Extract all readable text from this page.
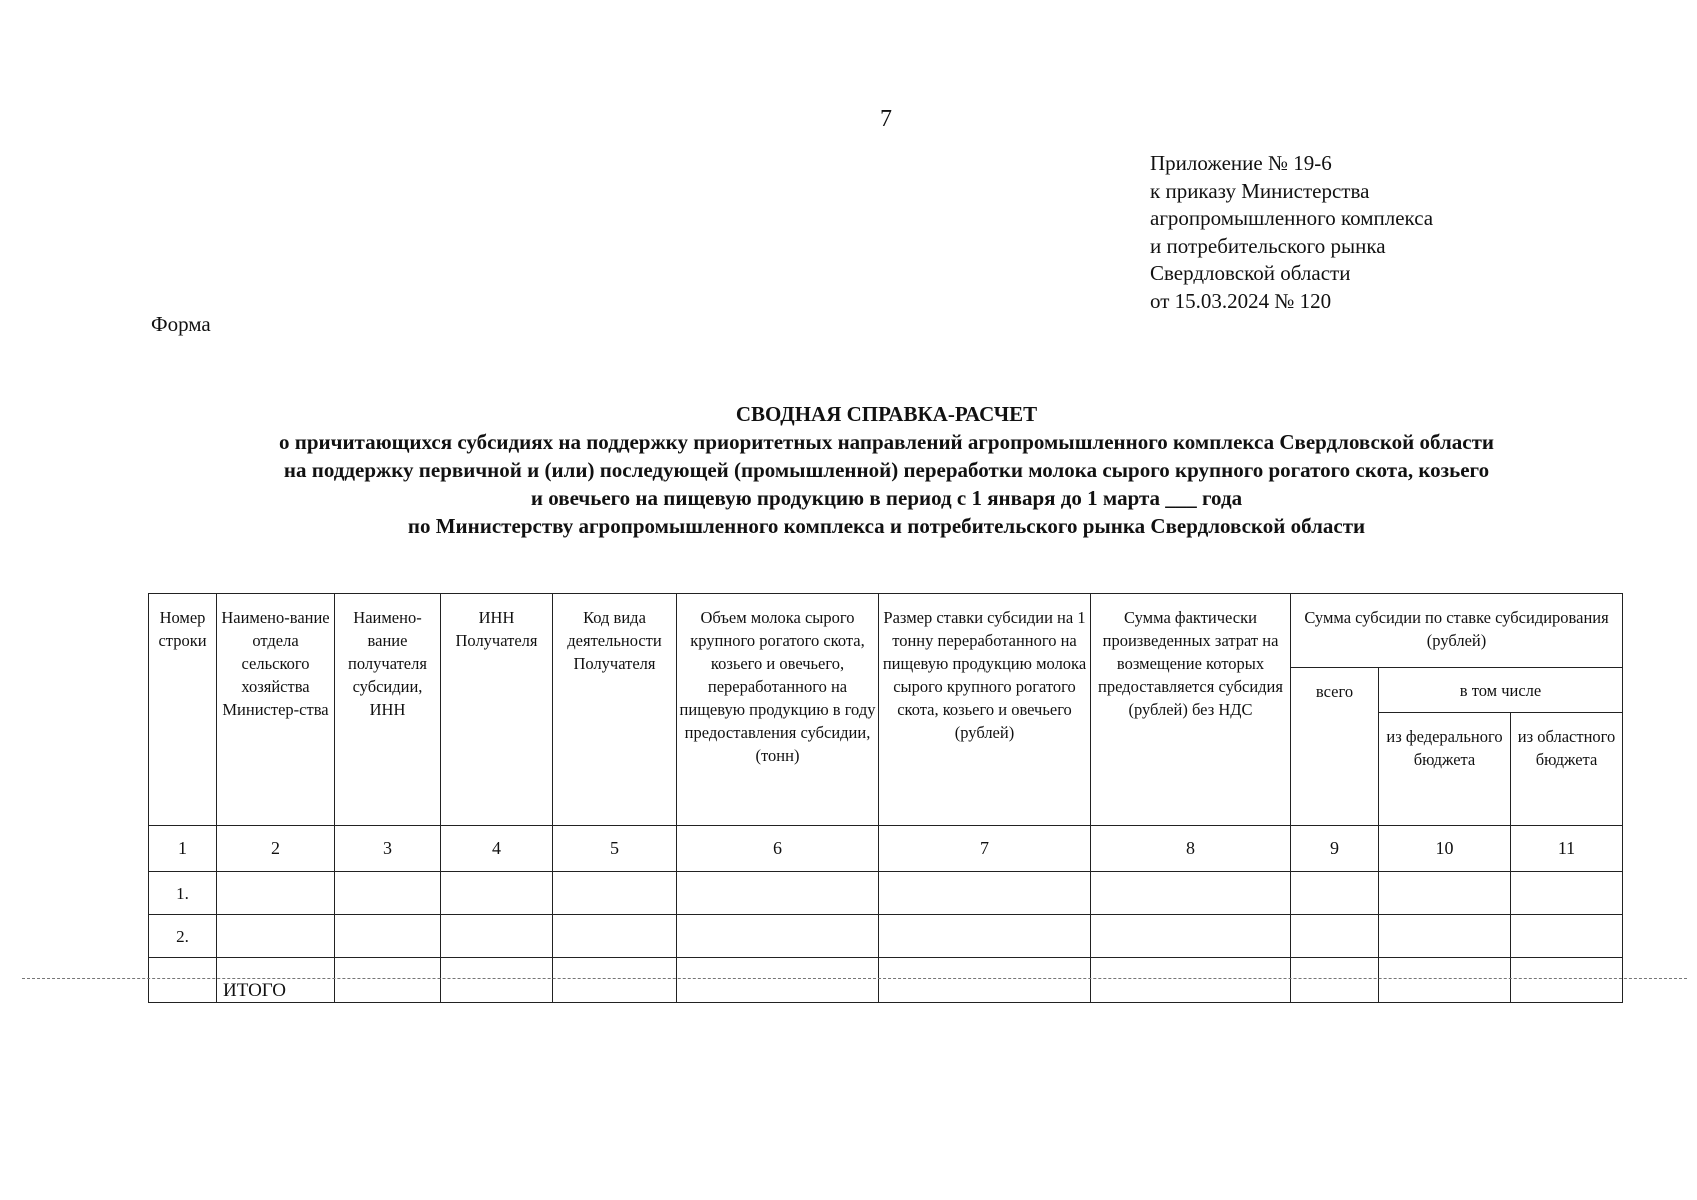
7
Приложение № 19-6
к приказу Министерства
агропромышленного комплекса
и потребительского рынка
Свердловской области
от 15.03.2024 № 120
Форма
СВОДНАЯ СПРАВКА-РАСЧЕТ
о причитающихся субсидиях на поддержку приоритетных направлений агропромышленного комплекса Свердловской области
на поддержку первичной и (или) последующей (промышленной) переработки молока сырого крупного рогатого скота, козьего
и овечьего на пищевую продукцию в период с 1 января до 1 марта ___ года
по Министерству агропромышленного комплекса и потребительского рынка Свердловской области
Номер строки	Наимено-вание отдела сельского хозяйства Министер-ства	Наимено-вание получателя субсидии, ИНН	ИНН Получателя	Код вида деятельности Получателя	Объем молока сырого крупного рогатого скота, козьего и овечьего, переработанного на пищевую продукцию в году предоставления субсидии, (тонн)	Размер ставки субсидии на 1 тонну переработанного на пищевую продукцию молока сырого крупного рогатого скота, козьего и овечьего (рублей)	Сумма фактически произведенных затрат на возмещение которых предоставляется субсидия (рублей) без НДС	Сумма субсидии по ставке субсидирования (рублей)		
								всего	в том числе	
									из федерального бюджета	из областного бюджета
1	2	3	4	5	6	7	8	9	10	11
1.										
2.										
	ИТОГО									
